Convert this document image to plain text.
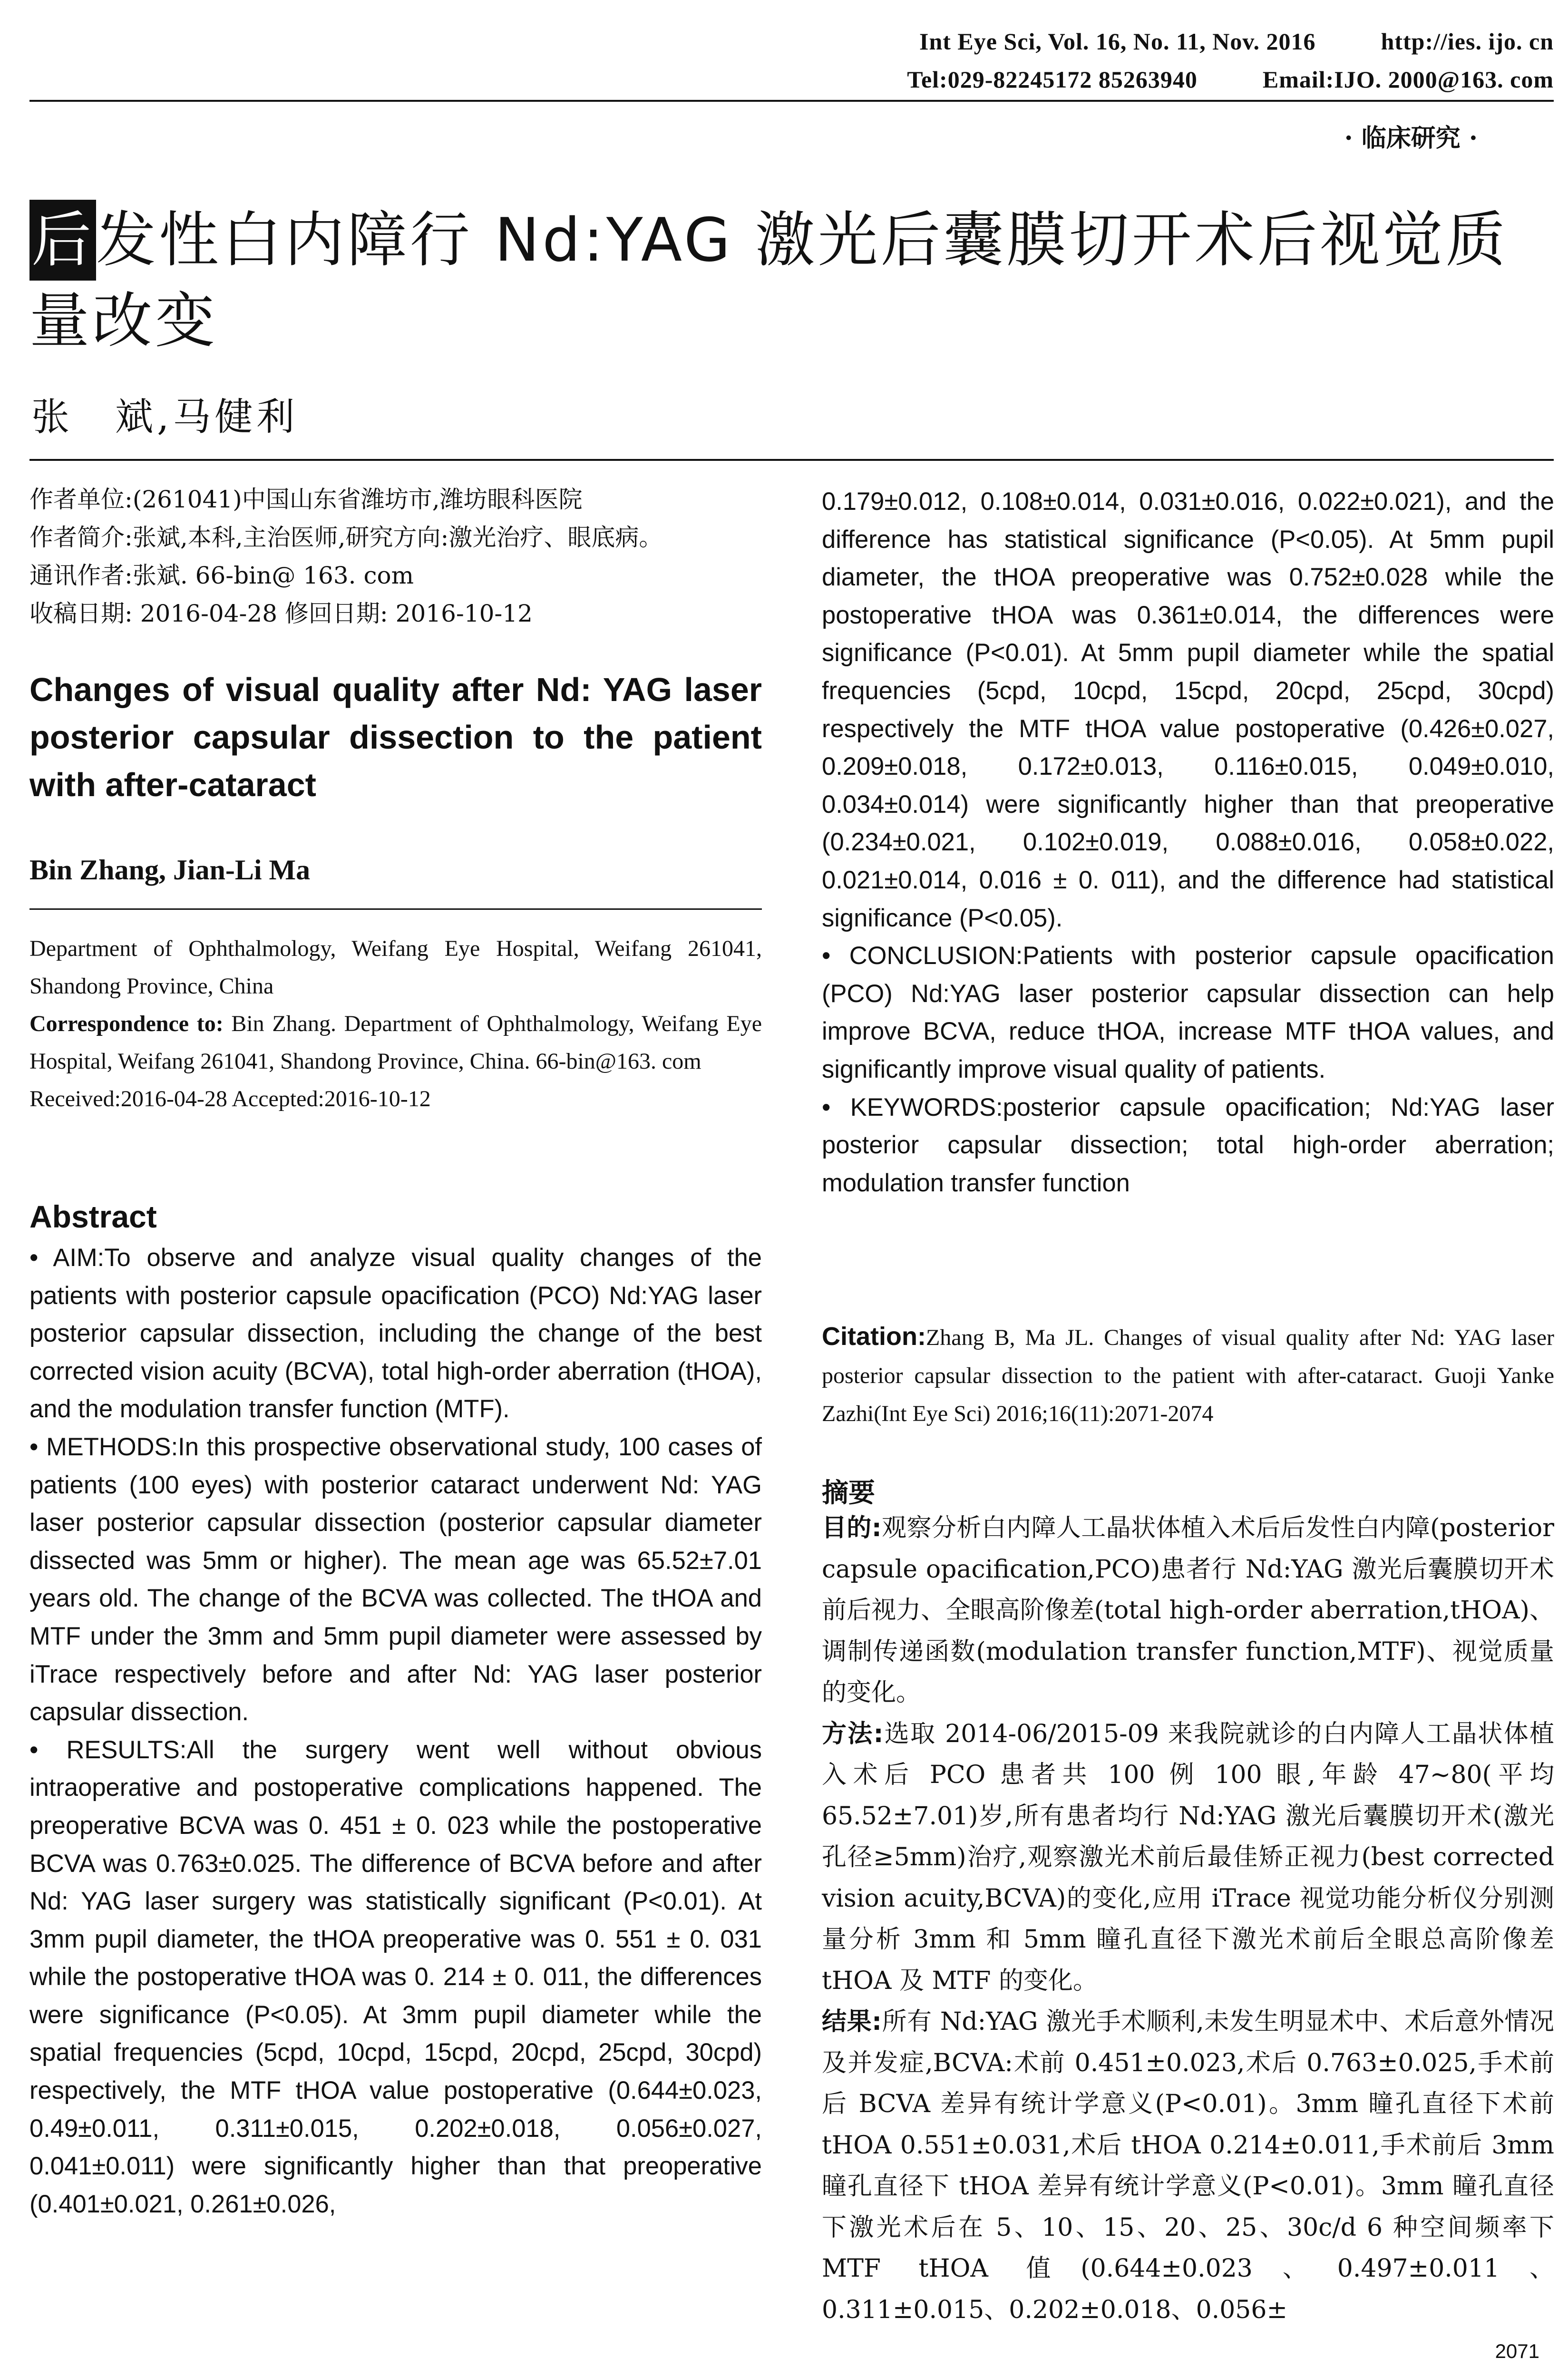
Int Eye Sci, Vol. 16, No. 11, Nov. 2016	http://ies. ijo. cn
Tel:029-82245172 85263940	Email:IJO. 2000@163. com
· 临床研究 ·
后发性白内障行 Nd:YAG 激光后囊膜切开术后视觉质量改变
张　斌,马健利
作者单位:(261041)中国山东省潍坊市,潍坊眼科医院
作者简介:张斌,本科,主治医师,研究方向:激光治疗、眼底病。
通讯作者:张斌. 66-bin@ 163. com
收稿日期: 2016-04-28 修回日期: 2016-10-12
Changes of visual quality after Nd: YAG laser posterior capsular dissection to the patient with after-cataract
Bin Zhang, Jian-Li Ma
Department of Ophthalmology, Weifang Eye Hospital, Weifang 261041, Shandong Province, China
Correspondence to: Bin Zhang. Department of Ophthalmology, Weifang Eye Hospital, Weifang 261041, Shandong Province, China. 66-bin@163. com
Received:2016-04-28 Accepted:2016-10-12
Abstract

• AIM:To observe and analyze visual quality changes of the patients with posterior capsule opacification (PCO) Nd:YAG laser posterior capsular dissection, including the change of the best corrected vision acuity (BCVA), total high-order aberration (tHOA), and the modulation transfer function (MTF).

• METHODS:In this prospective observational study, 100 cases of patients (100 eyes) with posterior cataract underwent Nd: YAG laser posterior capsular dissection (posterior capsular diameter dissected was 5mm or higher). The mean age was 65.52±7.01 years old. The change of the BCVA was collected. The tHOA and MTF under the 3mm and 5mm pupil diameter were assessed by iTrace respectively before and after Nd: YAG laser posterior capsular dissection.

• RESULTS:All the surgery went well without obvious intraoperative and postoperative complications happened. The preoperative BCVA was 0. 451 ± 0. 023 while the postoperative BCVA was 0.763±0.025. The difference of BCVA before and after Nd: YAG laser surgery was statistically significant (P<0.01). At 3mm pupil diameter, the tHOA preoperative was 0. 551 ± 0. 031 while the postoperative tHOA was 0. 214 ± 0. 011, the differences were significance (P<0.05). At 3mm pupil diameter while the spatial frequencies (5cpd, 10cpd, 15cpd, 20cpd, 25cpd, 30cpd) respectively, the MTF tHOA value postoperative (0.644±0.023, 0.49±0.011, 0.311±0.015, 0.202±0.018, 0.056±0.027, 0.041±0.011) were significantly higher than that preoperative (0.401±0.021, 0.261±0.026,

0.179±0.012, 0.108±0.014, 0.031±0.016, 0.022±0.021), and the difference has statistical significance (P<0.05). At 5mm pupil diameter, the tHOA preoperative was 0.752±0.028 while the postoperative tHOA was 0.361±0.014, the differences were significance (P<0.01). At 5mm pupil diameter while the spatial frequencies (5cpd, 10cpd, 15cpd, 20cpd, 25cpd, 30cpd) respectively the MTF tHOA value postoperative (0.426±0.027, 0.209±0.018, 0.172±0.013, 0.116±0.015, 0.049±0.010, 0.034±0.014) were significantly higher than that preoperative (0.234±0.021, 0.102±0.019, 0.088±0.016, 0.058±0.022, 0.021±0.014, 0.016 ± 0. 011), and the difference had statistical significance (P<0.05).

• CONCLUSION:Patients with posterior capsule opacification (PCO) Nd:YAG laser posterior capsular dissection can help improve BCVA, reduce tHOA, increase MTF tHOA values, and significantly improve visual quality of patients.

• KEYWORDS:posterior capsule opacification; Nd:YAG laser posterior capsular dissection; total high-order aberration; modulation transfer function

Citation:Zhang B, Ma JL. Changes of visual quality after Nd: YAG laser posterior capsular dissection to the patient with after-cataract. Guoji Yanke Zazhi(Int Eye Sci) 2016;16(11):2071-2074
摘要

目的:观察分析白内障人工晶状体植入术后后发性白内障(posterior capsule opacification,PCO)患者行 Nd:YAG 激光后囊膜切开术前后视力、全眼高阶像差(total high-order aberration,tHOA)、调制传递函数(modulation transfer function,MTF)、视觉质量的变化。

方法:选取 2014-06/2015-09 来我院就诊的白内障人工晶状体植入术后 PCO 患者共 100 例 100 眼,年龄 47~80(平均 65.52±7.01)岁,所有患者均行 Nd:YAG 激光后囊膜切开术(激光孔径≥5mm)治疗,观察激光术前后最佳矫正视力(best corrected vision acuity,BCVA)的变化,应用 iTrace 视觉功能分析仪分别测量分析 3mm 和 5mm 瞳孔直径下激光术前后全眼总高阶像差 tHOA 及 MTF 的变化。

结果:所有 Nd:YAG 激光手术顺利,未发生明显术中、术后意外情况及并发症,BCVA:术前 0.451±0.023,术后 0.763±0.025,手术前后 BCVA 差异有统计学意义(P<0.01)。3mm 瞳孔直径下术前 tHOA 0.551±0.031,术后 tHOA 0.214±0.011,手术前后 3mm 瞳孔直径下 tHOA 差异有统计学意义(P<0.01)。3mm 瞳孔直径下激光术后在 5、10、15、20、25、30c/d 6 种空间频率下 MTF tHOA 值(0.644±0.023、0.497±0.011、0.311±0.015、0.202±0.018、0.056±

2071
